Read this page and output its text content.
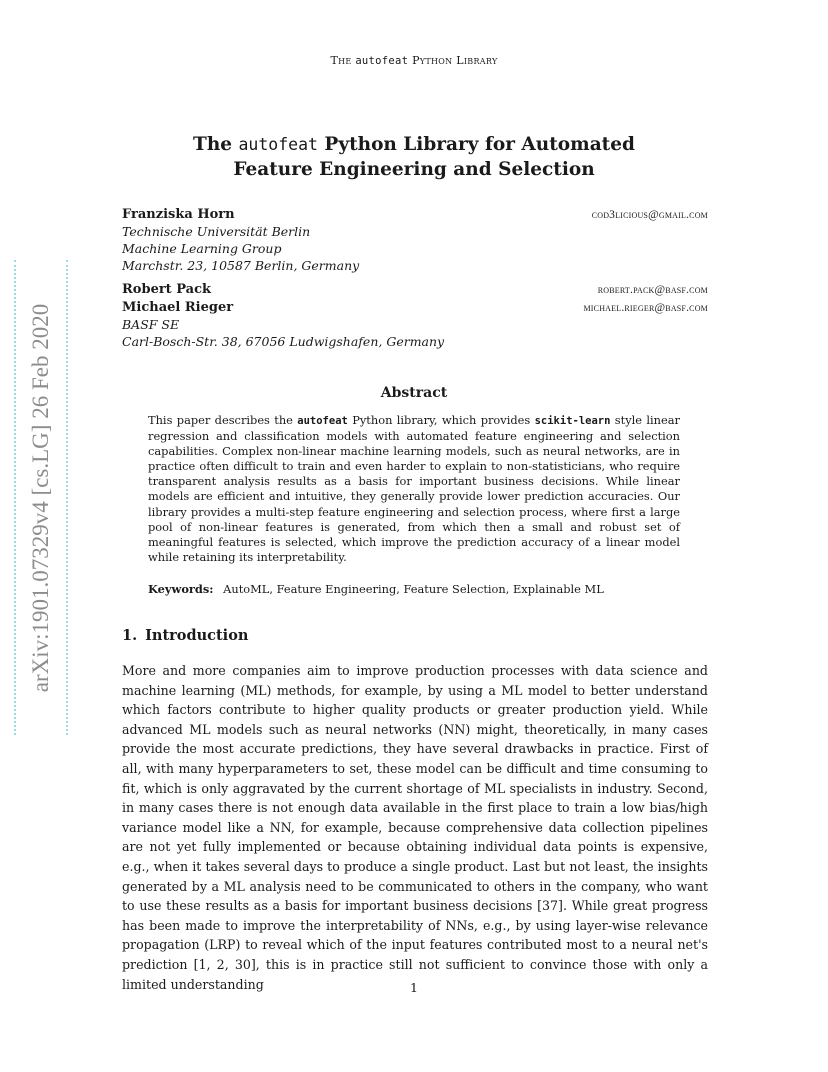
The autofeat Python Library
arXiv:1901.07329v4 [cs.LG] 26 Feb 2020
The autofeat Python Library for Automated
Feature Engineering and Selection
Franziska Horn	cod3licious@gmail.com
Technische Universität Berlin
Machine Learning Group
Marchstr. 23, 10587 Berlin, Germany
Robert Pack	robert.pack@basf.com
Michael Rieger	michael.rieger@basf.com
BASF SE
Carl-Bosch-Str. 38, 67056 Ludwigshafen, Germany
Abstract
This paper describes the autofeat Python library, which provides scikit-learn style linear regression and classification models with automated feature engineering and selection capabilities. Complex non-linear machine learning models, such as neural networks, are in practice often difficult to train and even harder to explain to non-statisticians, who require transparent analysis results as a basis for important business decisions. While linear models are efficient and intuitive, they generally provide lower prediction accuracies. Our library provides a multi-step feature engineering and selection process, where first a large pool of non-linear features is generated, from which then a small and robust set of meaningful features is selected, which improve the prediction accuracy of a linear model while retaining its interpretability.
Keywords: AutoML, Feature Engineering, Feature Selection, Explainable ML
1. Introduction
More and more companies aim to improve production processes with data science and machine learning (ML) methods, for example, by using a ML model to better understand which factors contribute to higher quality products or greater production yield. While advanced ML models such as neural networks (NN) might, theoretically, in many cases provide the most accurate predictions, they have several drawbacks in practice. First of all, with many hyperparameters to set, these model can be difficult and time consuming to fit, which is only aggravated by the current shortage of ML specialists in industry. Second, in many cases there is not enough data available in the first place to train a low bias/high variance model like a NN, for example, because comprehensive data collection pipelines are not yet fully implemented or because obtaining individual data points is expensive, e.g., when it takes several days to produce a single product. Last but not least, the insights generated by a ML analysis need to be communicated to others in the company, who want to use these results as a basis for important business decisions [37]. While great progress has been made to improve the interpretability of NNs, e.g., by using layer-wise relevance propagation (LRP) to reveal which of the input features contributed most to a neural net's prediction [1, 2, 30], this is in practice still not sufficient to convince those with only a limited understanding	1
